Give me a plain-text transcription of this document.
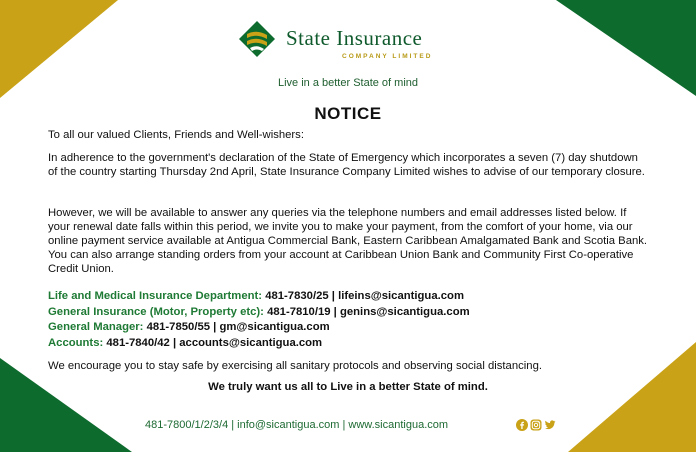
State Insurance
COMPANY LIMITED
Live in a better State of mind
NOTICE
To all our valued Clients, Friends and Well-wishers:
In adherence to the government's declaration of the State of Emergency which incorporates a seven (7) day shutdown of the country starting Thursday 2nd April, State Insurance Company Limited wishes to advise of our temporary closure.
However, we will be available to answer any queries via the telephone numbers and email addresses listed below. If your renewal date falls within this period, we invite you to make your payment, from the comfort of your home, via our online payment service available at Antigua Commercial Bank, Eastern Caribbean Amalgamated Bank and Scotia Bank. You can also arrange standing orders from your account at Caribbean Union Bank and Community First Co-operative Credit Union.
Life and Medical Insurance Department: 481-7830/25 | lifeins@sicantigua.com
General Insurance (Motor, Property etc): 481-7810/19 | genins@sicantigua.com
General Manager: 481-7850/55 | gm@sicantigua.com
Accounts: 481-7840/42 | accounts@sicantigua.com
We encourage you to stay safe by exercising all sanitary protocols and observing social distancing.
We truly want us all to Live in a better State of mind.
481-7800/1/2/3/4 | info@sicantigua.com | www.sicantigua.com
